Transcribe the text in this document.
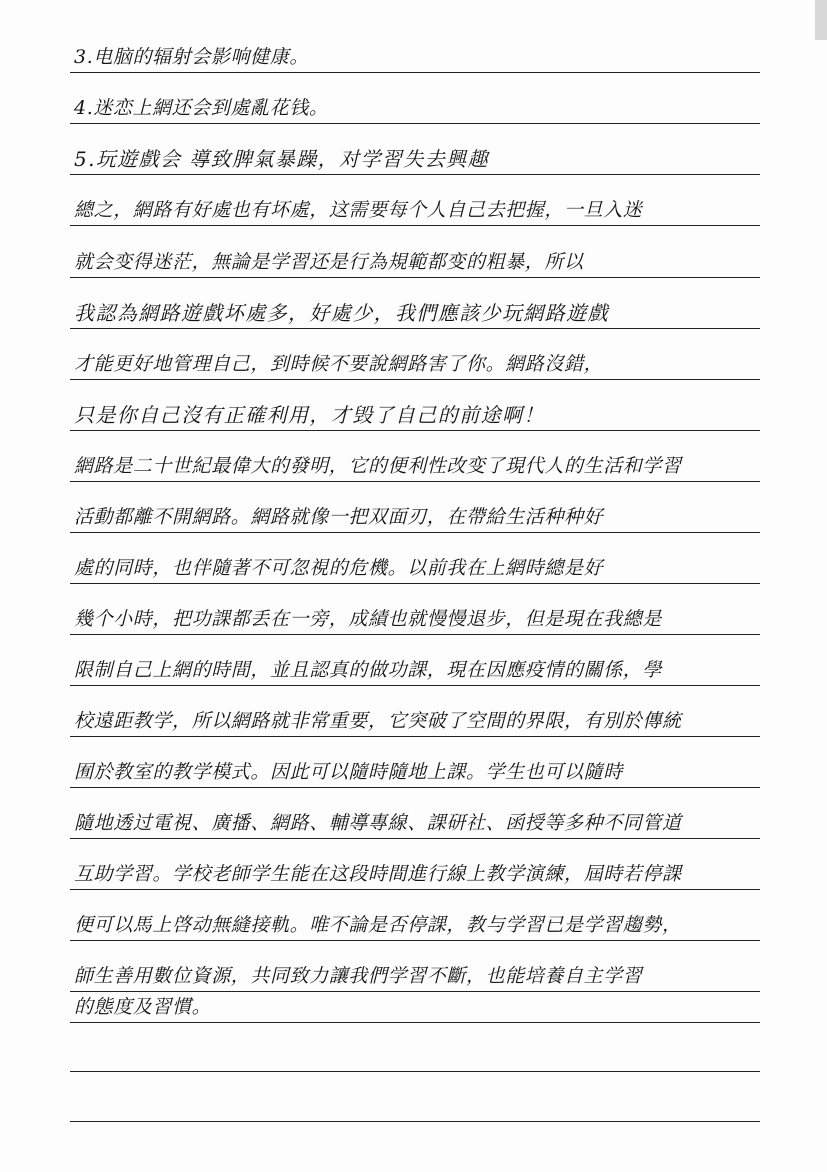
3.电脑的辐射会影响健康。
4.迷恋上網还会到處亂花钱。
5.玩遊戲会 導致脾氣暴躁，对学習失去興趣
總之，網路有好處也有坏處，这需要每个人自己去把握，一旦入迷
就会变得迷茫，無論是学習还是行為規範都变的粗暴，所以
我認為網路遊戲坏處多，好處少，我們應該少玩網路遊戲
才能更好地管理自己，到時候不要說網路害了你。網路沒錯，
只是你自己沒有正確利用，才毁了自己的前途啊！
網路是二十世紀最偉大的發明，它的便利性改变了現代人的生活和学習
活動都離不開網路。網路就像一把双面刃，在帶給生活种种好
處的同時，也伴隨著不可忽視的危機。以前我在上網時總是好
幾个小時，把功課都丢在一旁，成績也就慢慢退步，但是現在我總是
限制自己上網的時間，並且認真的做功課，現在因應疫情的關係，學
校遠距教学，所以網路就非常重要，它突破了空間的界限，有別於傳統
囿於教室的教学模式。因此可以隨時隨地上課。学生也可以隨時
隨地透过電視、廣播、網路、輔導專線、課研社、函授等多种不同管道
互助学習。学校老師学生能在这段時間進行線上教学演練，屆時若停課
便可以馬上啓动無縫接軌。唯不論是否停課，教与学習已是学習趨勢，
師生善用數位資源，共同致力讓我們学習不斷，也能培養自主学習
的態度及習慣。
